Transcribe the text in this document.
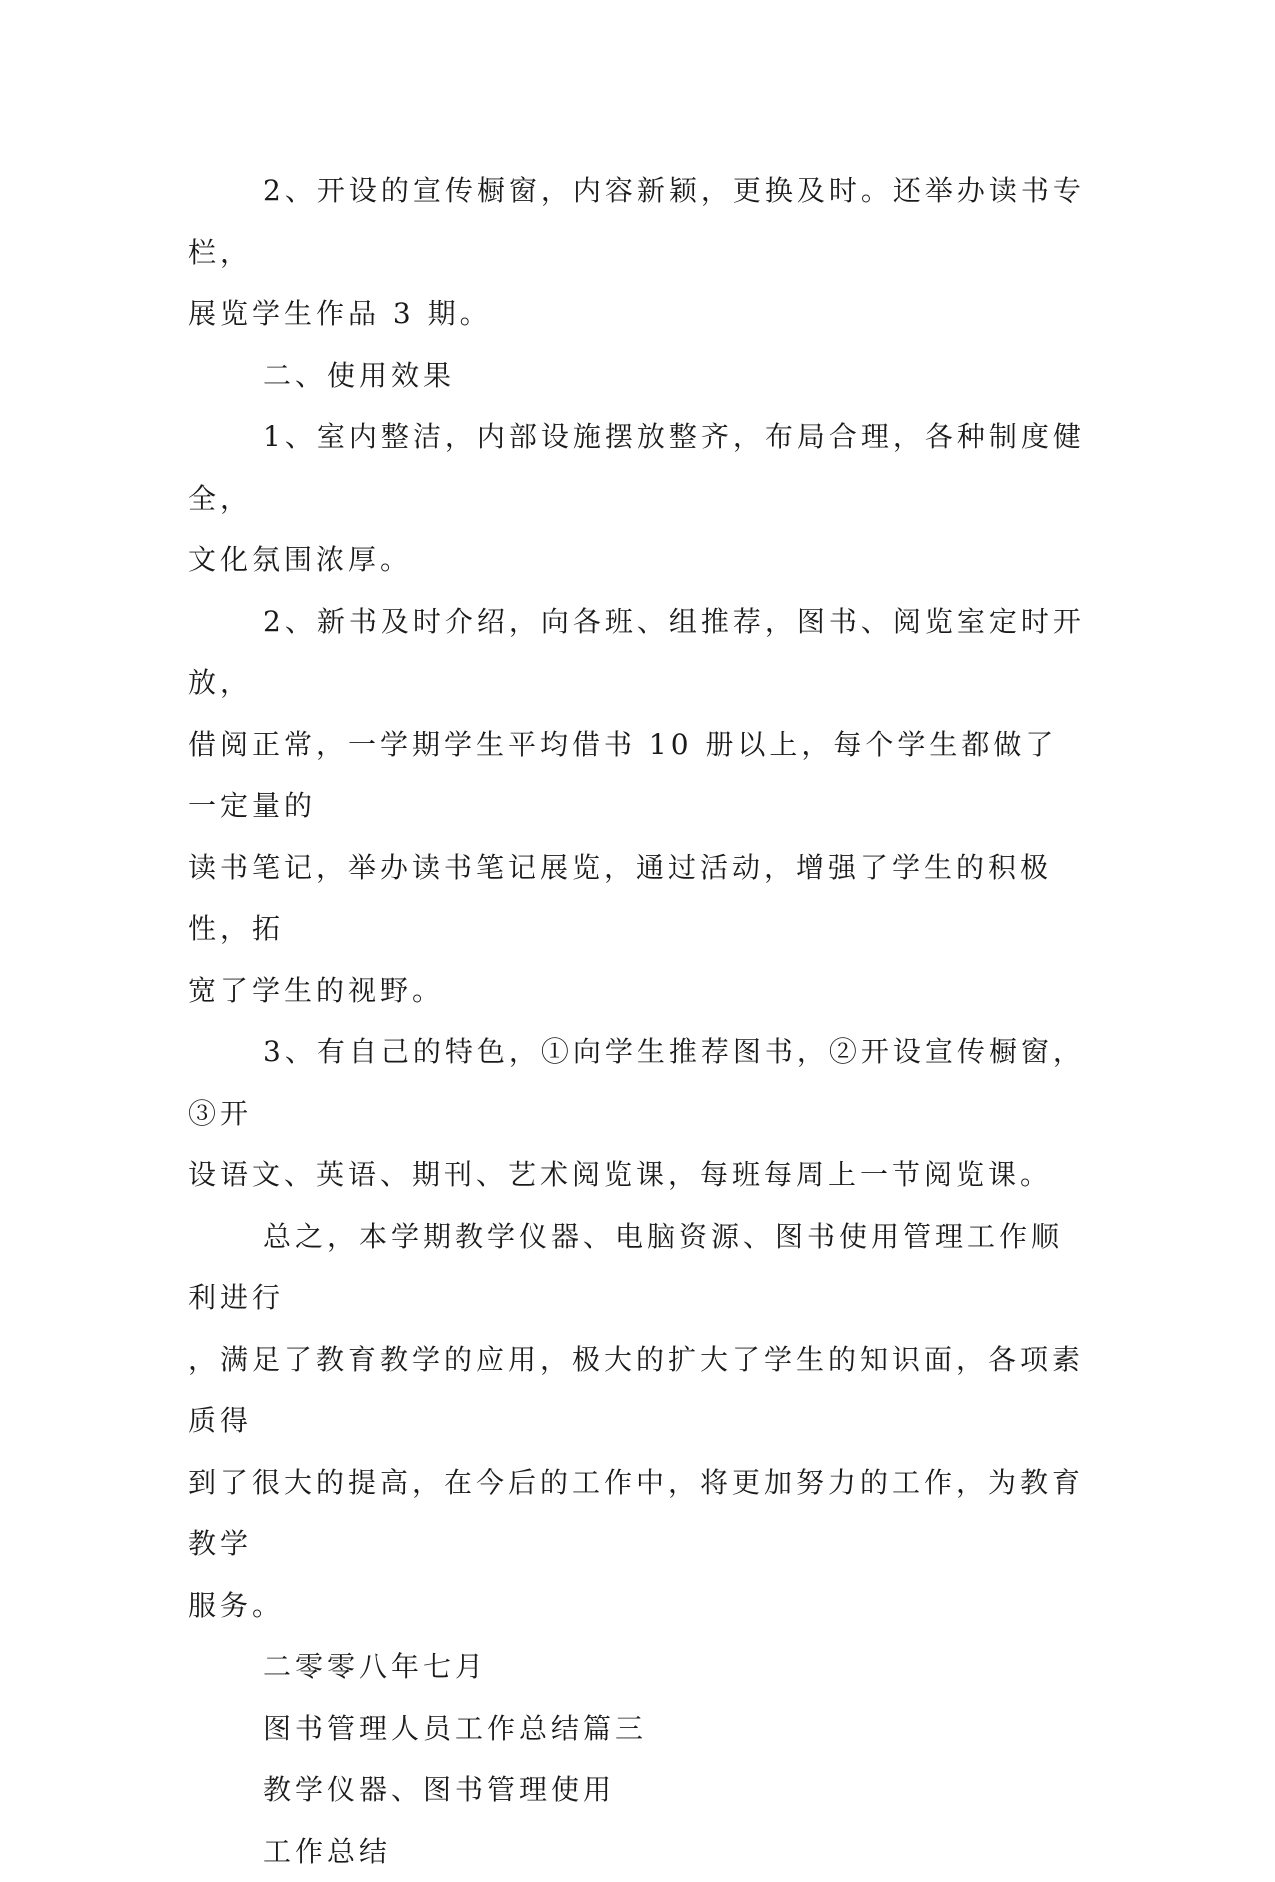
2、开设的宣传橱窗，内容新颖，更换及时。还举办读书专栏，
展览学生作品 3 期。

二、使用效果

1、室内整洁，内部设施摆放整齐，布局合理，各种制度健全，
文化氛围浓厚。

2、新书及时介绍，向各班、组推荐，图书、阅览室定时开放，
借阅正常，一学期学生平均借书 10 册以上，每个学生都做了一定量的
读书笔记，举办读书笔记展览，通过活动，增强了学生的积极性，拓
宽了学生的视野。

3、有自己的特色，①向学生推荐图书，②开设宣传橱窗，③开
设语文、英语、期刊、艺术阅览课，每班每周上一节阅览课。

总之，本学期教学仪器、电脑资源、图书使用管理工作顺利进行
，满足了教育教学的应用，极大的扩大了学生的知识面，各项素质得
到了很大的提高，在今后的工作中，将更加努力的工作，为教育教学
服务。

二零零八年七月

图书管理人员工作总结篇三

教学仪器、图书管理使用

工作总结
